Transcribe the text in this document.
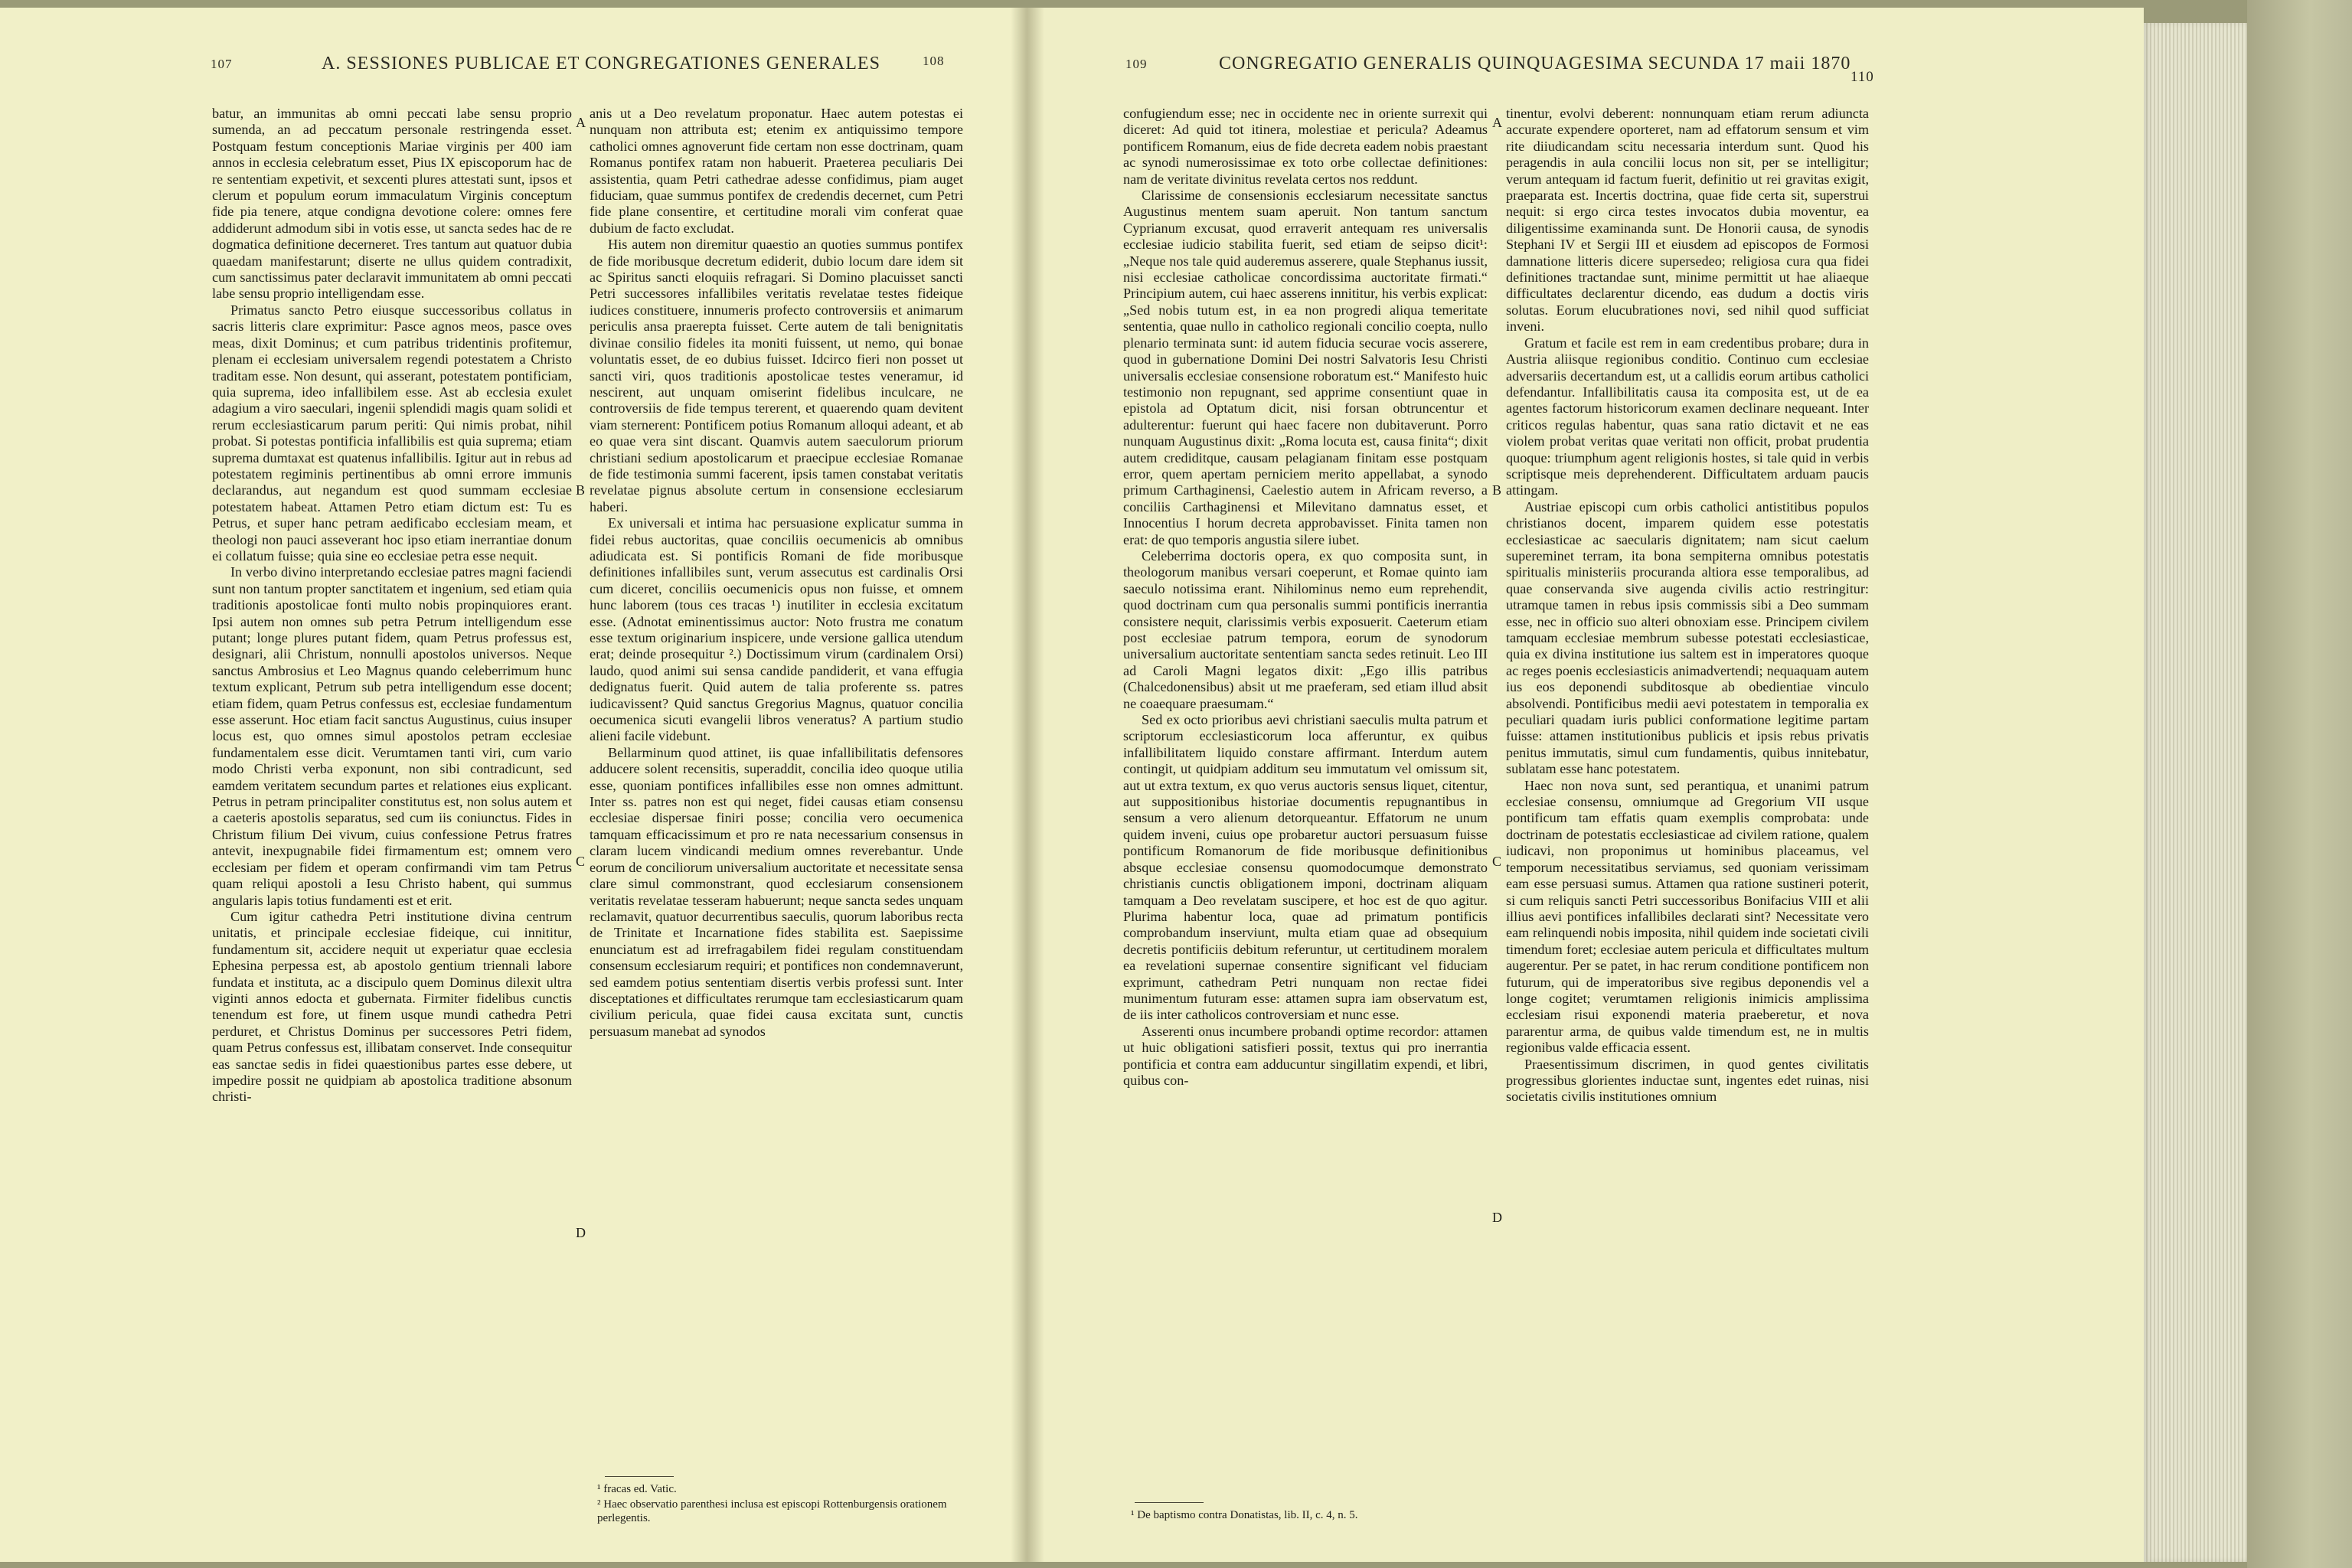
107	A. SESSIONES PUBLICAE ET CONGREGATIONES GENERALES	108

batur, an immunitas ab omni peccati labe sensu proprio sumenda, an ad peccatum personale restringenda esset. Postquam festum conceptionis Mariae virginis per 400 iam annos in ecclesia celebratum esset, Pius IX episcoporum hac de re sententiam expetivit, et sexcenti plures attestati sunt, ipsos et clerum et populum eorum immaculatum Virginis conceptum fide pia tenere, atque condigna devotione colere: omnes fere addiderunt admodum sibi in votis esse, ut sancta sedes hac de re dogmatica definitione decerneret. Tres tantum aut quatuor dubia quaedam manifestarunt; diserte ne ullus quidem contradixit, cum sanctissimus pater declaravit immunitatem ab omni peccati labe sensu proprio intelligendam esse.

Primatus sancto Petro eiusque successoribus collatus in sacris litteris clare exprimitur: Pasce agnos meos, pasce oves meas, dixit Dominus; et cum patribus tridentinis profitemur, plenam ei ecclesiam universalem regendi potestatem a Christo traditam esse. Non desunt, qui asserant, potestatem pontificiam, quia suprema, ideo infallibilem esse. Ast ab ecclesia exulet adagium a viro saeculari, ingenii splendidi magis quam solidi et rerum ecclesiasticarum parum periti: Qui nimis probat, nihil probat. Si potestas pontificia infallibilis est quia suprema; etiam suprema dumtaxat est quatenus infallibilis. Igitur aut in rebus ad potestatem regiminis pertinentibus ab omni errore immunis declarandus, aut negandum est quod summam ecclesiae potestatem habeat. Attamen Petro etiam dictum est: Tu es Petrus, et super hanc petram aedificabo ecclesiam meam, et theologi non pauci asseverant hoc ipso etiam inerrantiae donum ei collatum fuisse; quia sine eo ecclesiae petra esse nequit.

In verbo divino interpretando ecclesiae patres magni faciendi sunt non tantum propter sanctitatem et ingenium, sed etiam quia traditionis apostolicae fonti multo nobis propinquiores erant. Ipsi autem non omnes sub petra Petrum intelligendum esse putant; longe plures putant fidem, quam Petrus professus est, designari, alii Christum, nonnulli apostolos universos. Neque sanctus Ambrosius et Leo Magnus quando celeberrimum hunc textum explicant, Petrum sub petra intelligendum esse docent; etiam fidem, quam Petrus confessus est, ecclesiae fundamentum esse asserunt. Hoc etiam facit sanctus Augustinus, cuius insuper locus est, quo omnes simul apostolos petram ecclesiae fundamentalem esse dicit. Verumtamen tanti viri, cum vario modo Christi verba exponunt, non sibi contradicunt, sed eamdem veritatem secundum partes et relationes eius explicant. Petrus in petram principaliter constitutus est, non solus autem et a caeteris apostolis separatus, sed cum iis coniunctus. Fides in Christum filium Dei vivum, cuius confessione Petrus fratres antevit, inexpugnabile fidei firmamentum est; omnem vero ecclesiam per fidem et operam confirmandi vim tam Petrus quam reliqui apostoli a Iesu Christo habent, qui summus angularis lapis totius fundamenti est et erit.

Cum igitur cathedra Petri institutione divina centrum unitatis, et principale ecclesiae fideique, cui innititur, fundamentum sit, accidere nequit ut experiatur quae ecclesia Ephesina perpessa est, ab apostolo gentium triennali labore fundata et instituta, ac a discipulo quem Dominus dilexit ultra viginti annos edocta et gubernata. Firmiter fidelibus cunctis tenendum est fore, ut finem usque mundi cathedra Petri perduret, et Christus Dominus per successores Petri fidem, quam Petrus confessus est, illibatam conservet. Inde consequitur eas sanctae sedis in fidei quaestionibus partes esse debere, ut impedire possit ne quidpiam ab apostolica traditione absonum christi-

A
B
C
D

anis ut a Deo revelatum proponatur. Haec autem potestas ei nunquam non attributa est; etenim ex antiquissimo tempore catholici omnes agnoverunt fide certam non esse doctrinam, quam Romanus pontifex ratam non habuerit. Praeterea peculiaris Dei assistentia, quam Petri cathedrae adesse confidimus, piam auget fiduciam, quae summus pontifex de credendis decernet, cum Petri fide plane consentire, et certitudine morali vim conferat quae dubium de facto excludat.

His autem non diremitur quaestio an quoties summus pontifex de fide moribusque decretum ediderit, dubio locum dare idem sit ac Spiritus sancti eloquiis refragari. Si Domino placuisset sancti Petri successores infallibiles veritatis revelatae testes fideique iudices constituere, innumeris profecto controversiis et animarum periculis ansa praerepta fuisset. Certe autem de tali benignitatis divinae consilio fideles ita moniti fuissent, ut nemo, qui bonae voluntatis esset, de eo dubius fuisset. Idcirco fieri non posset ut sancti viri, quos traditionis apostolicae testes veneramur, id nescirent, aut unquam omiserint fidelibus inculcare, ne controversiis de fide tempus tererent, et quaerendo quam devitent viam sternerent: Pontificem potius Romanum alloqui adeant, et ab eo quae vera sint discant. Quamvis autem saeculorum priorum christiani sedium apostolicarum et praecipue ecclesiae Romanae de fide testimonia summi facerent, ipsis tamen constabat veritatis revelatae pignus absolute certum in consensione ecclesiarum haberi.

Ex universali et intima hac persuasione explicatur summa in fidei rebus auctoritas, quae conciliis oecumenicis ab omnibus adiudicata est. Si pontificis Romani de fide moribusque definitiones infallibiles sunt, verum assecutus est cardinalis Orsi cum diceret, conciliis oecumenicis opus non fuisse, et omnem hunc laborem (tous ces tracas ¹) inutiliter in ecclesia excitatum esse. (Adnotat eminentissimus auctor: Noto frustra me conatum esse textum originarium inspicere, unde versione gallica utendum erat; deinde prosequitur ².) Doctissimum virum (cardinalem Orsi) laudo, quod animi sui sensa candide pandiderit, et vana effugia dedignatus fuerit. Quid autem de talia proferente ss. patres iudicavissent? Quid sanctus Gregorius Magnus, quatuor concilia oecumenica sicuti evangelii libros veneratus? A partium studio alieni facile videbunt.

Bellarminum quod attinet, iis quae infallibilitatis defensores adducere solent recensitis, superaddit, concilia ideo quoque utilia esse, quoniam pontifices infallibiles esse non omnes admittunt. Inter ss. patres non est qui neget, fidei causas etiam consensu ecclesiae dispersae finiri posse; concilia vero oecumenica tamquam efficacissimum et pro re nata necessarium consensus in claram lucem vindicandi medium omnes reverebantur. Unde eorum de conciliorum universalium auctoritate et necessitate sensa clare simul commonstrant, quod ecclesiarum consensionem veritatis revelatae tesseram habuerunt; neque sancta sedes unquam reclamavit, quatuor decurrentibus saeculis, quorum laboribus recta de Trinitate et Incarnatione fides stabilita est. Saepissime enunciatum est ad irrefragabilem fidei regulam constituendam consensum ecclesiarum requiri; et pontifices non condemnaverunt, sed eamdem potius sententiam disertis verbis professi sunt. Inter disceptationes et difficultates rerumque tam ecclesiasticarum quam civilium pericula, quae fidei causa excitata sunt, cunctis persuasum manebat ad synodos

¹ fracas ed. Vatic.
² Haec observatio parenthesi inclusa est episcopi Rottenburgensis orationem perlegentis.
109	CONGREGATIO GENERALIS QUINQUAGESIMA SECUNDA 17 maii 1870
110

confugiendum esse; nec in occidente nec in oriente surrexit qui diceret: Ad quid tot itinera, molestiae et pericula? Adeamus pontificem Romanum, eius de fide decreta eadem nobis praestant ac synodi numerosissimae ex toto orbe collectae definitiones: nam de veritate divinitus revelata certos nos reddunt.

Clarissime de consensionis ecclesiarum necessitate sanctus Augustinus mentem suam aperuit. Non tantum sanctum Cyprianum excusat, quod erraverit antequam res universalis ecclesiae iudicio stabilita fuerit, sed etiam de seipso dicit¹: „Neque nos tale quid auderemus asserere, quale Stephanus iussit, nisi ecclesiae catholicae concordissima auctoritate firmati.“ Principium autem, cui haec asserens innititur, his verbis explicat: „Sed nobis tutum est, in ea non progredi aliqua temeritate sententia, quae nullo in catholico regionali concilio coepta, nullo plenario terminata sunt: id autem fiducia securae vocis asserere, quod in gubernatione Domini Dei nostri Salvatoris Iesu Christi universalis ecclesiae consensione roboratum est.“ Manifesto huic testimonio non repugnant, sed apprime consentiunt quae in epistola ad Optatum dicit, nisi forsan obtruncentur et adulterentur: fuerunt qui haec facere non dubitaverunt. Porro nunquam Augustinus dixit: „Roma locuta est, causa finita“; dixit autem crediditque, causam pelagianam finitam esse postquam error, quem apertam perniciem merito appellabat, a synodo primum Carthaginensi, Caelestio autem in Africam reverso, a conciliis Carthaginensi et Milevitano damnatus esset, et Innocentius I horum decreta approbavisset. Finita tamen non erat: de quo temporis angustia silere iubet.

Celeberrima doctoris opera, ex quo composita sunt, in theologorum manibus versari coeperunt, et Romae quinto iam saeculo notissima erant. Nihilominus nemo eum reprehendit, quod doctrinam cum qua personalis summi pontificis inerrantia consistere nequit, clarissimis verbis exposuerit. Caeterum etiam post ecclesiae patrum tempora, eorum de synodorum universalium auctoritate sententiam sancta sedes retinuit. Leo III ad Caroli Magni legatos dixit: „Ego illis patribus (Chalcedonensibus) absit ut me praeferam, sed etiam illud absit ne coaequare praesumam.“

Sed ex octo prioribus aevi christiani saeculis multa patrum et scriptorum ecclesiasticorum loca afferuntur, ex quibus infallibilitatem liquido constare affirmant. Interdum autem contingit, ut quidpiam additum seu immutatum vel omissum sit, aut ut extra textum, ex quo verus auctoris sensus liquet, citentur, aut suppositionibus historiae documentis repugnantibus in sensum a vero alienum detorqueantur. Effatorum ne unum quidem inveni, cuius ope probaretur auctori persuasum fuisse pontificum Romanorum de fide moribusque definitionibus absque ecclesiae consensu quomodocumque demonstrato christianis cunctis obligationem imponi, doctrinam aliquam tamquam a Deo revelatam suscipere, et hoc est de quo agitur. Plurima habentur loca, quae ad primatum pontificis comprobandum inserviunt, multa etiam quae ad obsequium decretis pontificiis debitum referuntur, ut certitudinem moralem ea revelationi supernae consentire significant vel fiduciam exprimunt, cathedram Petri nunquam non rectae fidei munimentum futuram esse: attamen supra iam observatum est, de iis inter catholicos controversiam et nunc esse.

Asserenti onus incumbere probandi optime recordor: attamen ut huic obligationi satisfieri possit, textus qui pro inerrantia pontificia et contra eam adducuntur singillatim expendi, et libri, quibus con-

A
B
C
D

tinentur, evolvi deberent: nonnunquam etiam rerum adiuncta accurate expendere oporteret, nam ad effatorum sensum et vim rite diiudicandam scitu necessaria interdum sunt. Quod his peragendis in aula concilii locus non sit, per se intelligitur; verum antequam id factum fuerit, definitio ut rei gravitas exigit, praeparata est. Incertis doctrina, quae fide certa sit, superstrui nequit: si ergo circa testes invocatos dubia moventur, ea diligentissime examinanda sunt. De Honorii causa, de synodis Stephani IV et Sergii III et eiusdem ad episcopos de Formosi damnatione litteris dicere supersedeo; religiosa cura qua fidei definitiones tractandae sunt, minime permittit ut hae aliaeque difficultates declarentur dicendo, eas dudum a doctis viris solutas. Eorum elucubrationes novi, sed nihil quod sufficiat inveni.

Gratum et facile est rem in eam credentibus probare; dura in Austria aliisque regionibus conditio. Continuo cum ecclesiae adversariis decertandum est, ut a callidis eorum artibus catholici defendantur. Infallibilitatis causa ita composita est, ut de ea agentes factorum historicorum examen declinare nequeant. Inter criticos regulas habentur, quas sana ratio dictavit et ne eas violem probat veritas quae veritati non officit, probat prudentia quoque: triumphum agent religionis hostes, si tale quid in verbis scriptisque meis deprehenderent. Difficultatem arduam paucis attingam.

Austriae episcopi cum orbis catholici antistitibus populos christianos docent, imparem quidem esse potestatis ecclesiasticae ac saecularis dignitatem; nam sicut caelum supereminet terram, ita bona sempiterna omnibus potestatis spiritualis ministeriis procuranda altiora esse temporalibus, ad quae conservanda sive augenda civilis actio restringitur: utramque tamen in rebus ipsis commissis sibi a Deo summam esse, nec in officio suo alteri obnoxiam esse. Principem civilem tamquam ecclesiae membrum subesse potestati ecclesiasticae, quia ex divina institutione ius saltem est in imperatores quoque ac reges poenis ecclesiasticis animadvertendi; nequaquam autem ius eos deponendi subditosque ab obedientiae vinculo absolvendi. Pontificibus medii aevi potestatem in temporalia ex peculiari quadam iuris publici conformatione legitime partam fuisse: attamen institutionibus publicis et ipsis rebus privatis penitus immutatis, simul cum fundamentis, quibus innitebatur, sublatam esse hanc potestatem.

Haec non nova sunt, sed perantiqua, et unanimi patrum ecclesiae consensu, omniumque ad Gregorium VII usque pontificum tam effatis quam exemplis comprobata: unde doctrinam de potestatis ecclesiasticae ad civilem ratione, qualem iudicavi, non proponimus ut hominibus placeamus, vel temporum necessitatibus serviamus, sed quoniam verissimam eam esse persuasi sumus. Attamen qua ratione sustineri poterit, si cum reliquis sancti Petri successoribus Bonifacius VIII et alii illius aevi pontifices infallibiles declarati sint? Necessitate vero eam relinquendi nobis imposita, nihil quidem inde societati civili timendum foret; ecclesiae autem pericula et difficultates multum augerentur. Per se patet, in hac rerum conditione pontificem non futurum, qui de imperatoribus sive regibus deponendis vel a longe cogitet; verumtamen religionis inimicis amplissima ecclesiam risui exponendi materia praeberetur, et nova pararentur arma, de quibus valde timendum est, ne in multis regionibus valde efficacia essent.

Praesentissimum discrimen, in quod gentes civilitatis progressibus glorientes inductae sunt, ingentes edet ruinas, nisi societatis civilis institutiones omnium

¹ De baptismo contra Donatistas, lib. II, c. 4, n. 5.
